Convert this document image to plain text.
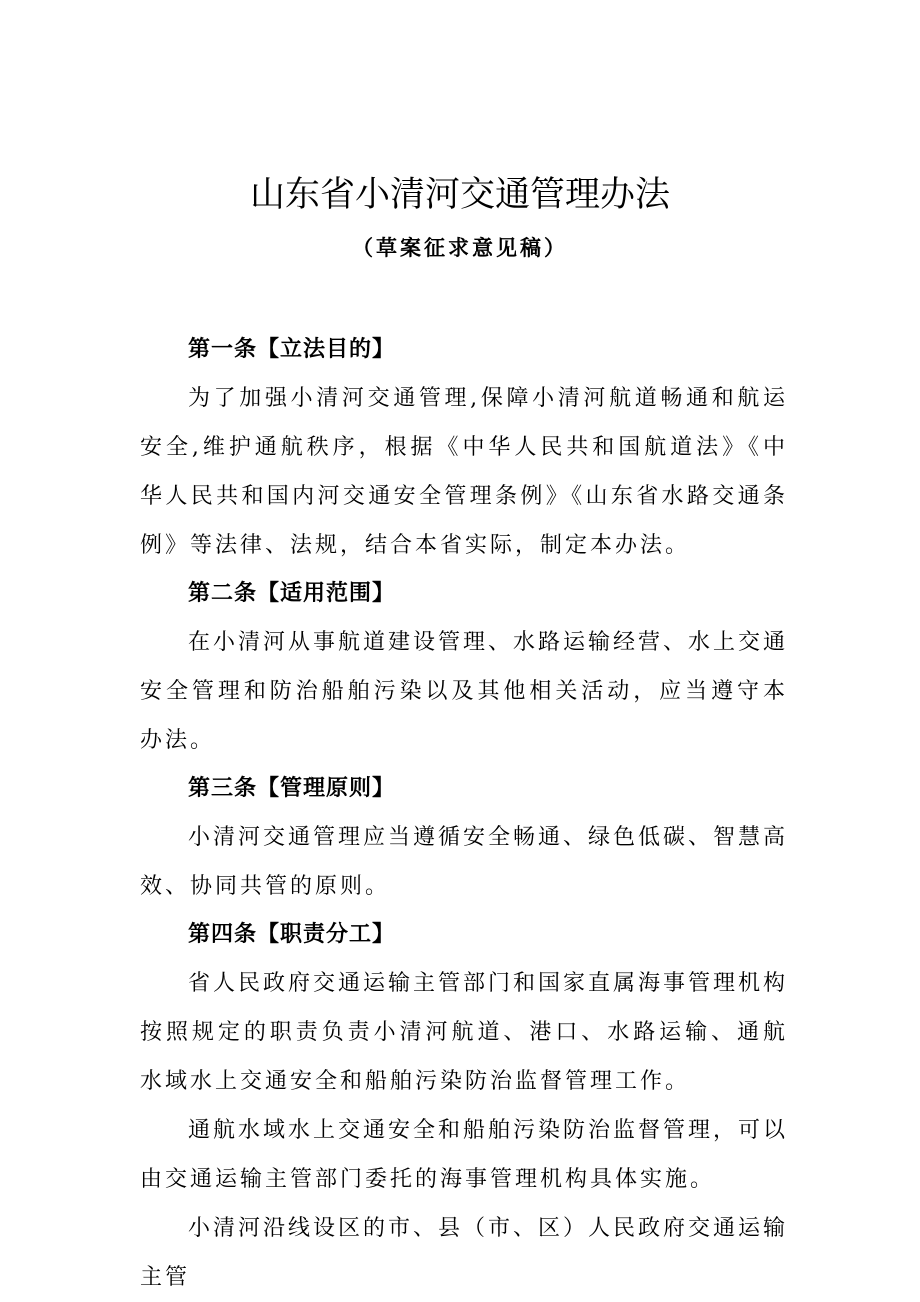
山东省小清河交通管理办法
（草案征求意见稿）

第一条【立法目的】

为了加强小清河交通管理,保障小清河航道畅通和航运安全,维护通航秩序，根据《中华人民共和国航道法》《中华人民共和国内河交通安全管理条例》《山东省水路交通条例》等法律、法规，结合本省实际，制定本办法。

第二条【适用范围】

在小清河从事航道建设管理、水路运输经营、水上交通安全管理和防治船舶污染以及其他相关活动，应当遵守本办法。

第三条【管理原则】

小清河交通管理应当遵循安全畅通、绿色低碳、智慧高效、协同共管的原则。

第四条【职责分工】

省人民政府交通运输主管部门和国家直属海事管理机构按照规定的职责负责小清河航道、港口、水路运输、通航水域水上交通安全和船舶污染防治监督管理工作。

通航水域水上交通安全和船舶污染防治监督管理，可以由交通运输主管部门委托的海事管理机构具体实施。

小清河沿线设区的市、县（市、区）人民政府交通运输主管
